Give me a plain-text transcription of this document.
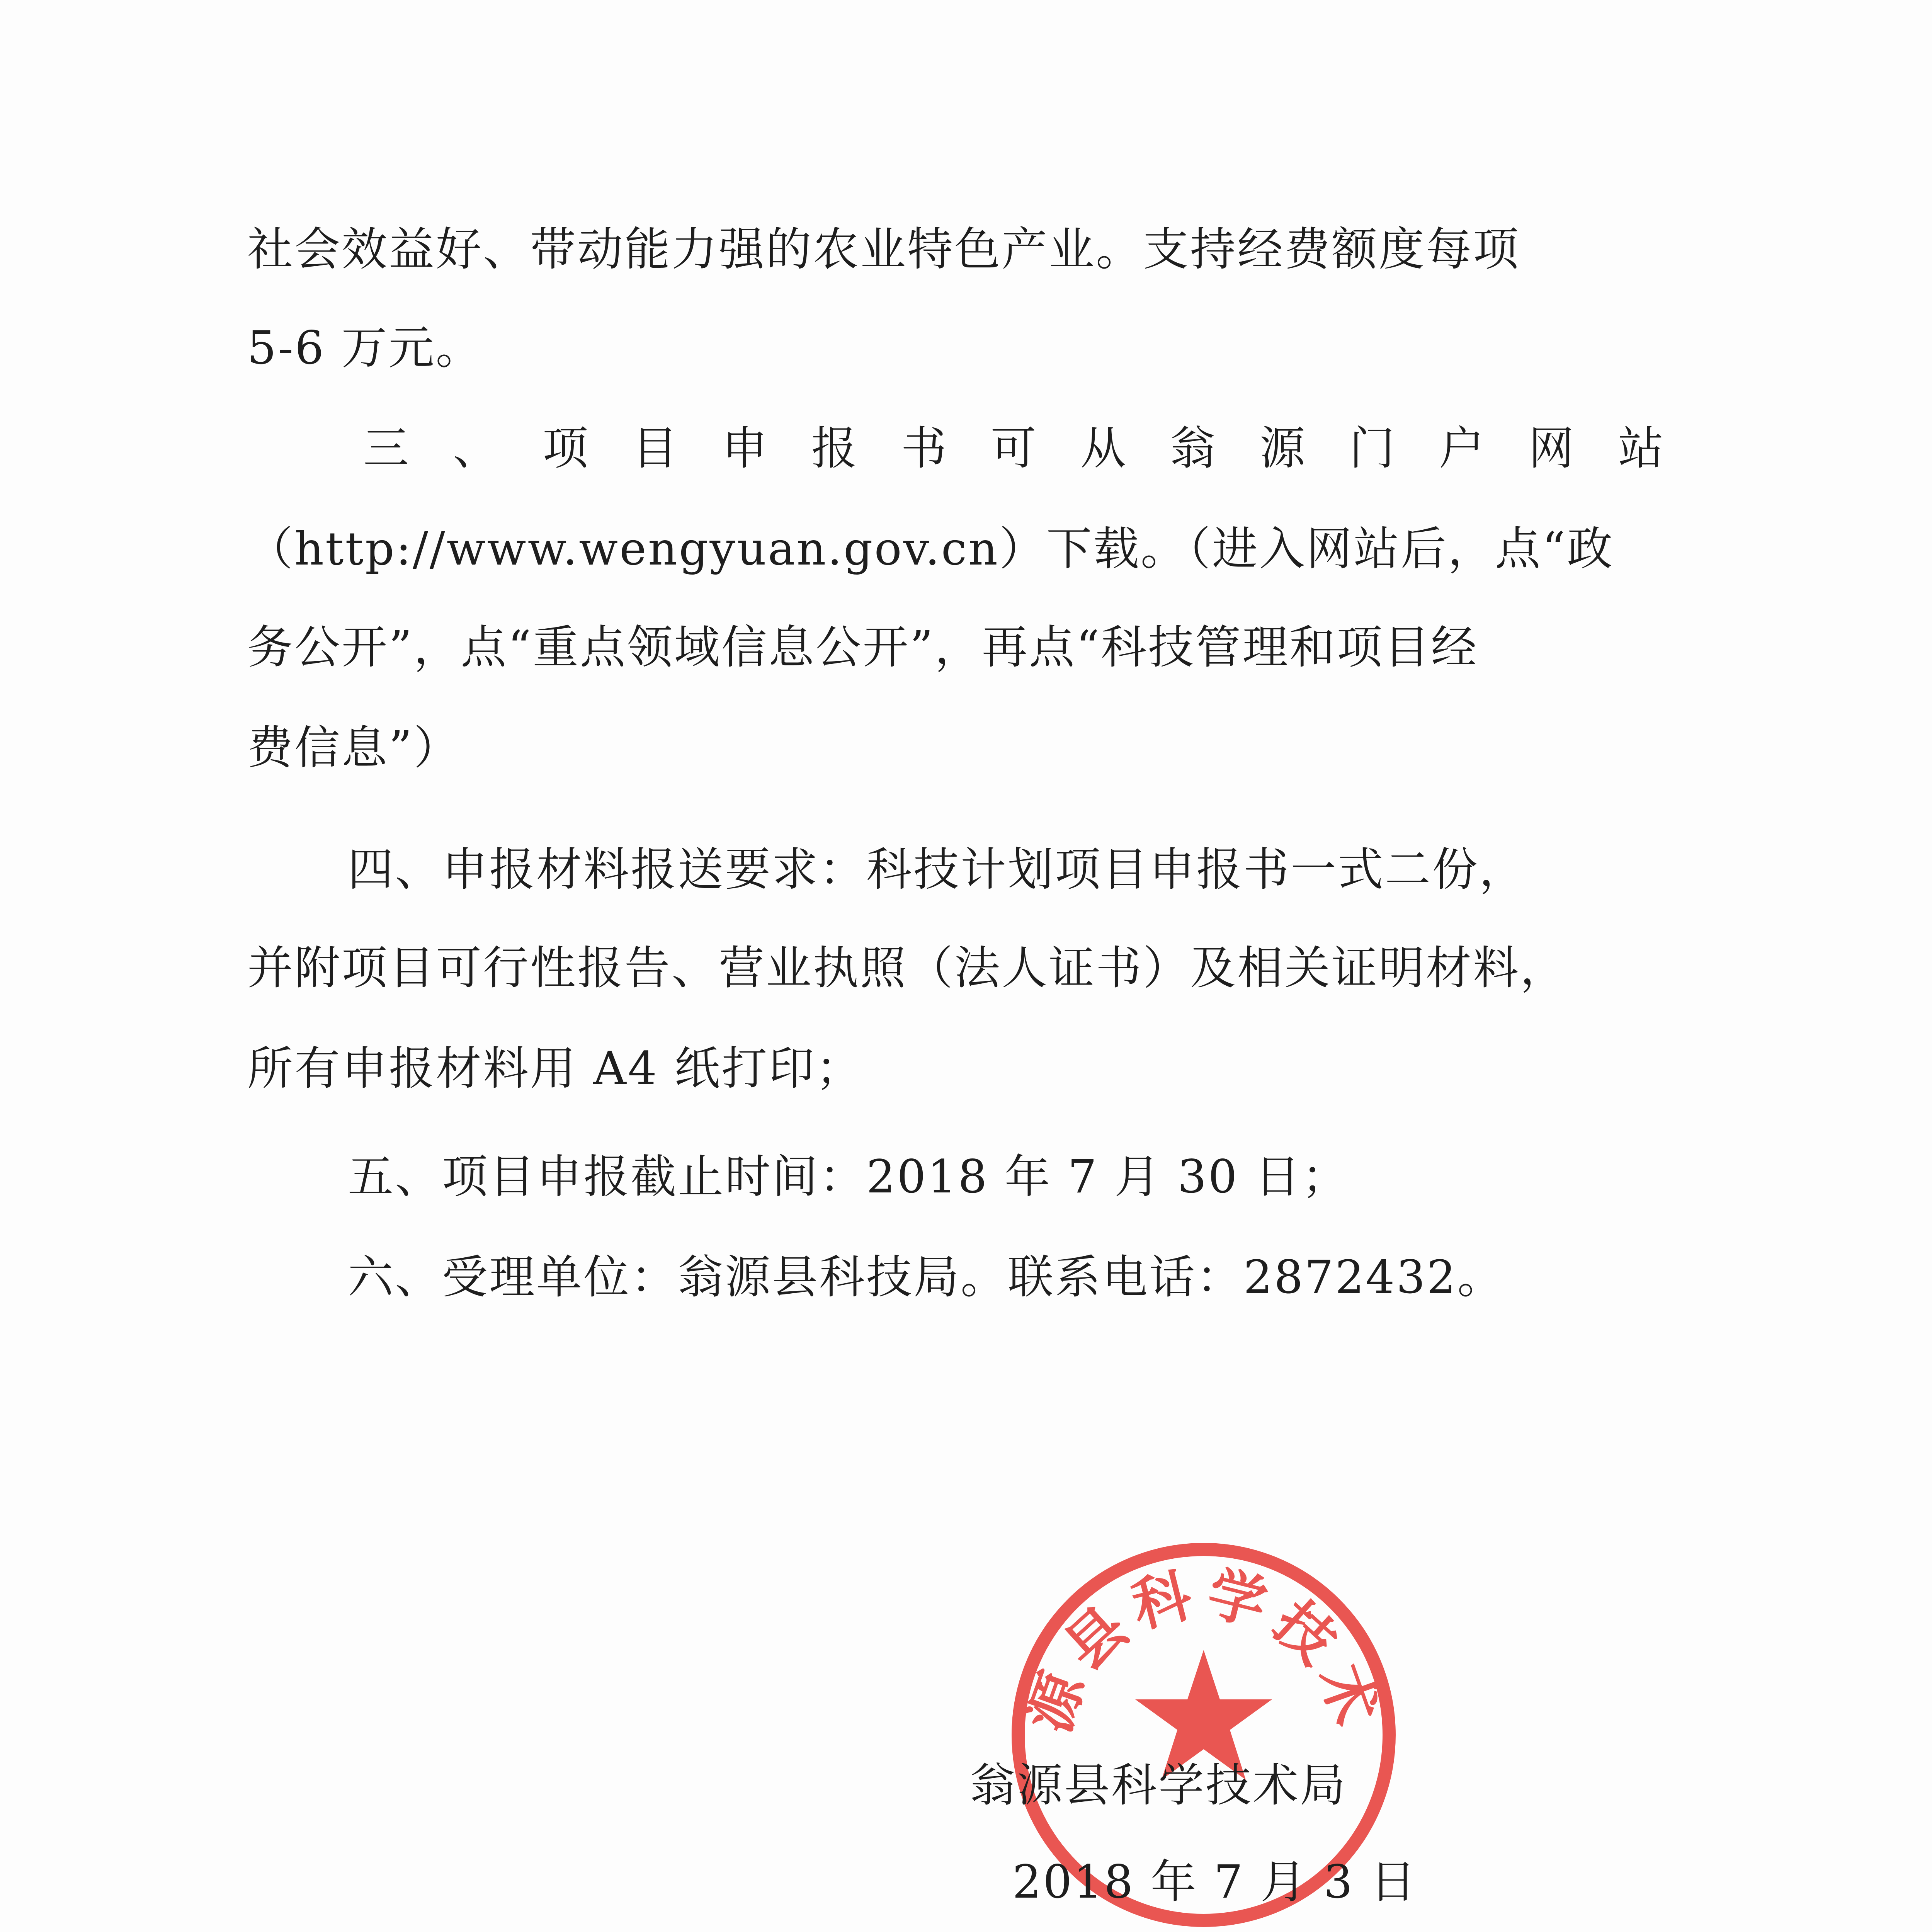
社会效益好、带动能力强的农业特色产业。支持经费额度每项
5-6 万元。
三 、 项 目 申 报 书 可 从 翁 源 门 户 网 站
（http://www.wengyuan.gov.cn）下载。（进入网站后，点“政
务公开”，点“重点领域信息公开”，再点“科技管理和项目经
费信息”）
四、申报材料报送要求：科技计划项目申报书一式二份，
并附项目可行性报告、营业执照（法人证书）及相关证明材料，
所有申报材料用 A4 纸打印；
五、项目申报截止时间：2018 年 7 月 30 日；
六、受理单位：翁源县科技局。联系电话：2872432。
源县科学技术
翁源县科学技术局
2018 年 7 月 3 日
